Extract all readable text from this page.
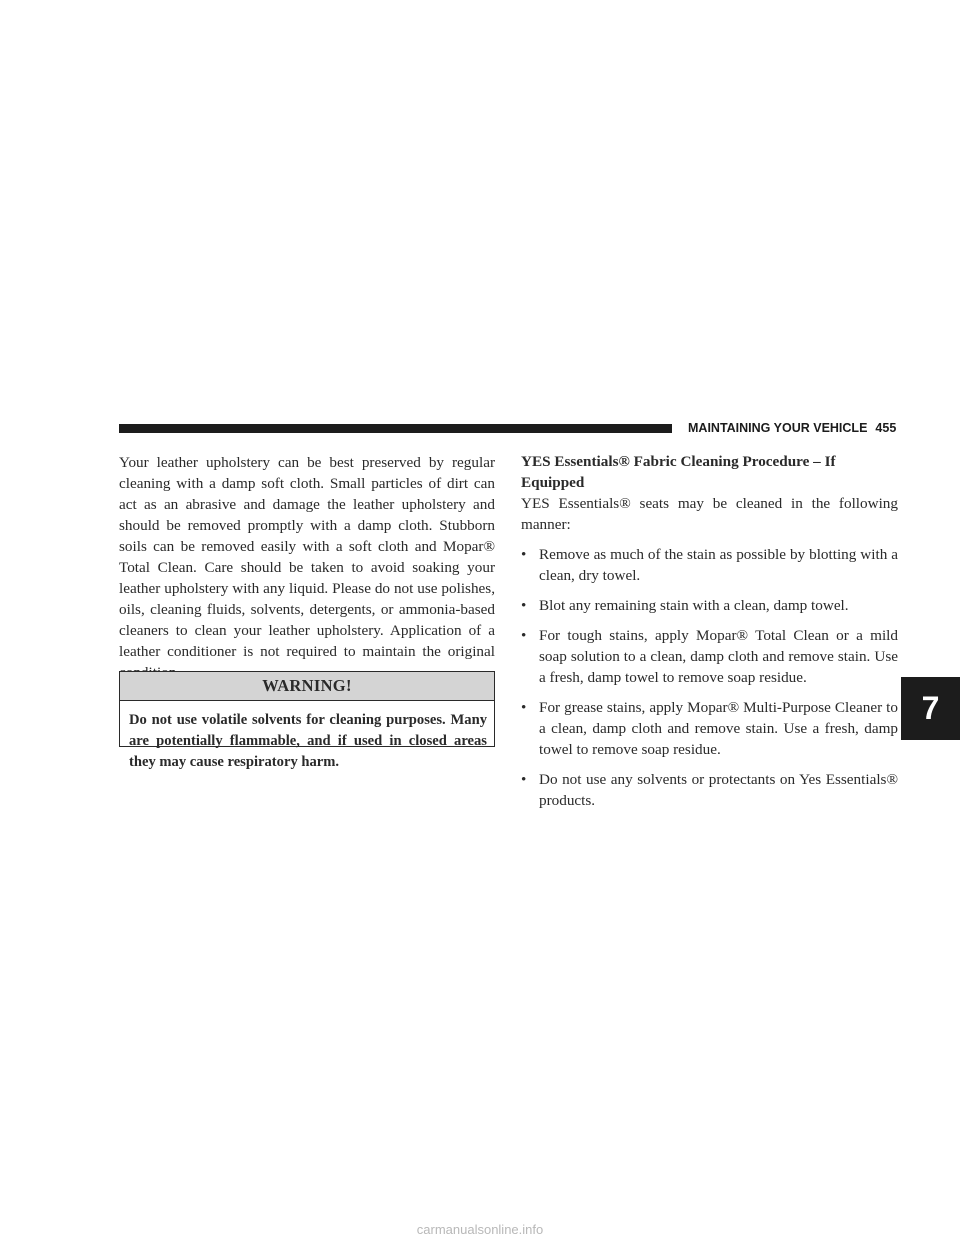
MAINTAINING YOUR VEHICLE 455

Your leather upholstery can be best preserved by regular cleaning with a damp soft cloth. Small particles of dirt can act as an abrasive and damage the leather upholstery and should be removed promptly with a damp cloth. Stubborn soils can be removed easily with a soft cloth and Mopar® Total Clean. Care should be taken to avoid soaking your leather upholstery with any liquid. Please do not use polishes, oils, cleaning fluids, solvents, detergents, or ammonia-based cleaners to clean your leather upholstery. Application of a leather conditioner is not required to maintain the original

WARNING!
Do not use volatile solvents for cleaning purposes. Many are potentially flammable, and if used in closed areas they may cause respiratory harm.

YES Essentials® Fabric Cleaning Procedure – If Equipped

YES Essentials® seats may be cleaned in the following manner:

• Remove as much of the stain as possible by blotting with a clean, dry towel.
• Blot any remaining stain with a clean, damp towel.
• For tough stains, apply Mopar® Total Clean or a mild soap solution to a clean, damp cloth and remove stain. Use a fresh, damp towel to remove soap residue.
• For grease stains, apply Mopar® Multi-Purpose Cleaner to a clean, damp cloth and remove stain. Use a fresh, damp towel to remove soap residue.
• Do not use any solvents or protectants on Yes Essentials® products.
7
carmanualsonline.info
